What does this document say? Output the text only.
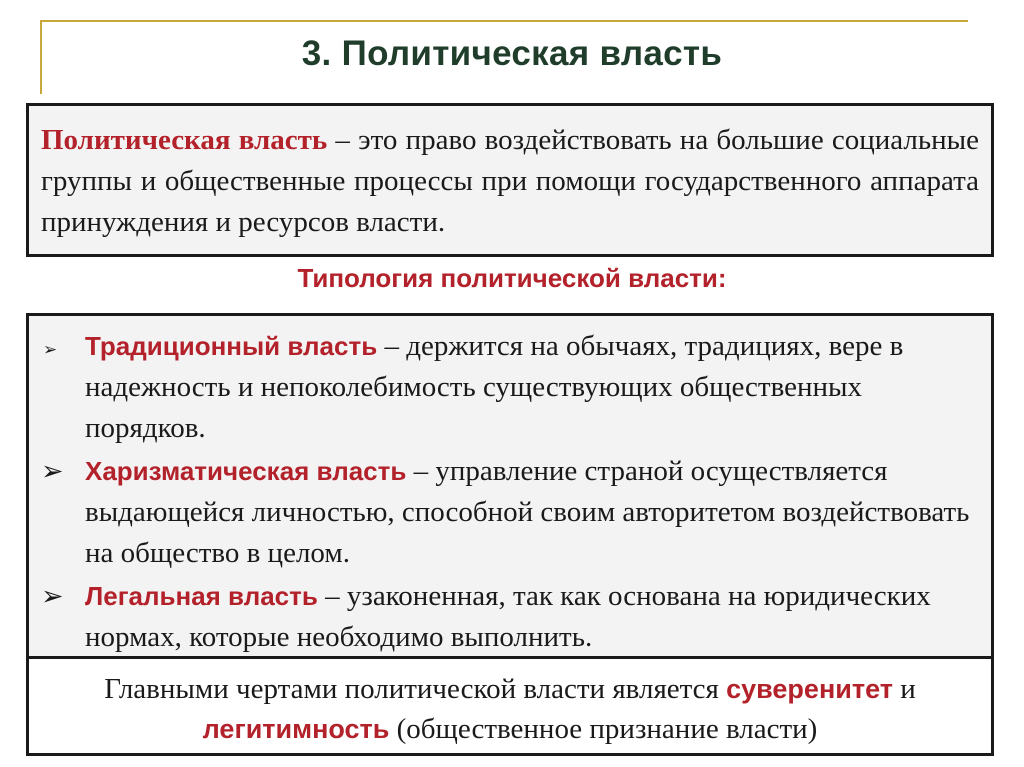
3. Политическая власть
Политическая власть – это право воздействовать на большие социальные группы и общественные процессы при помощи государственного аппарата принуждения и ресурсов власти.
Типология политической власти:
➢	Традиционный власть – держится на обычаях, традициях, вере в надежность и непоколебимость существующих общественных порядков.
➢ Харизматическая власть – управление страной осуществляется выдающейся личностью, способной своим авторитетом воздействовать на общество в целом.
➢ Легальная власть – узаконенная, так как основана на юридических нормах, которые необходимо выполнить.
Главными чертами политической власти является суверенитет и легитимность (общественное признание власти)
